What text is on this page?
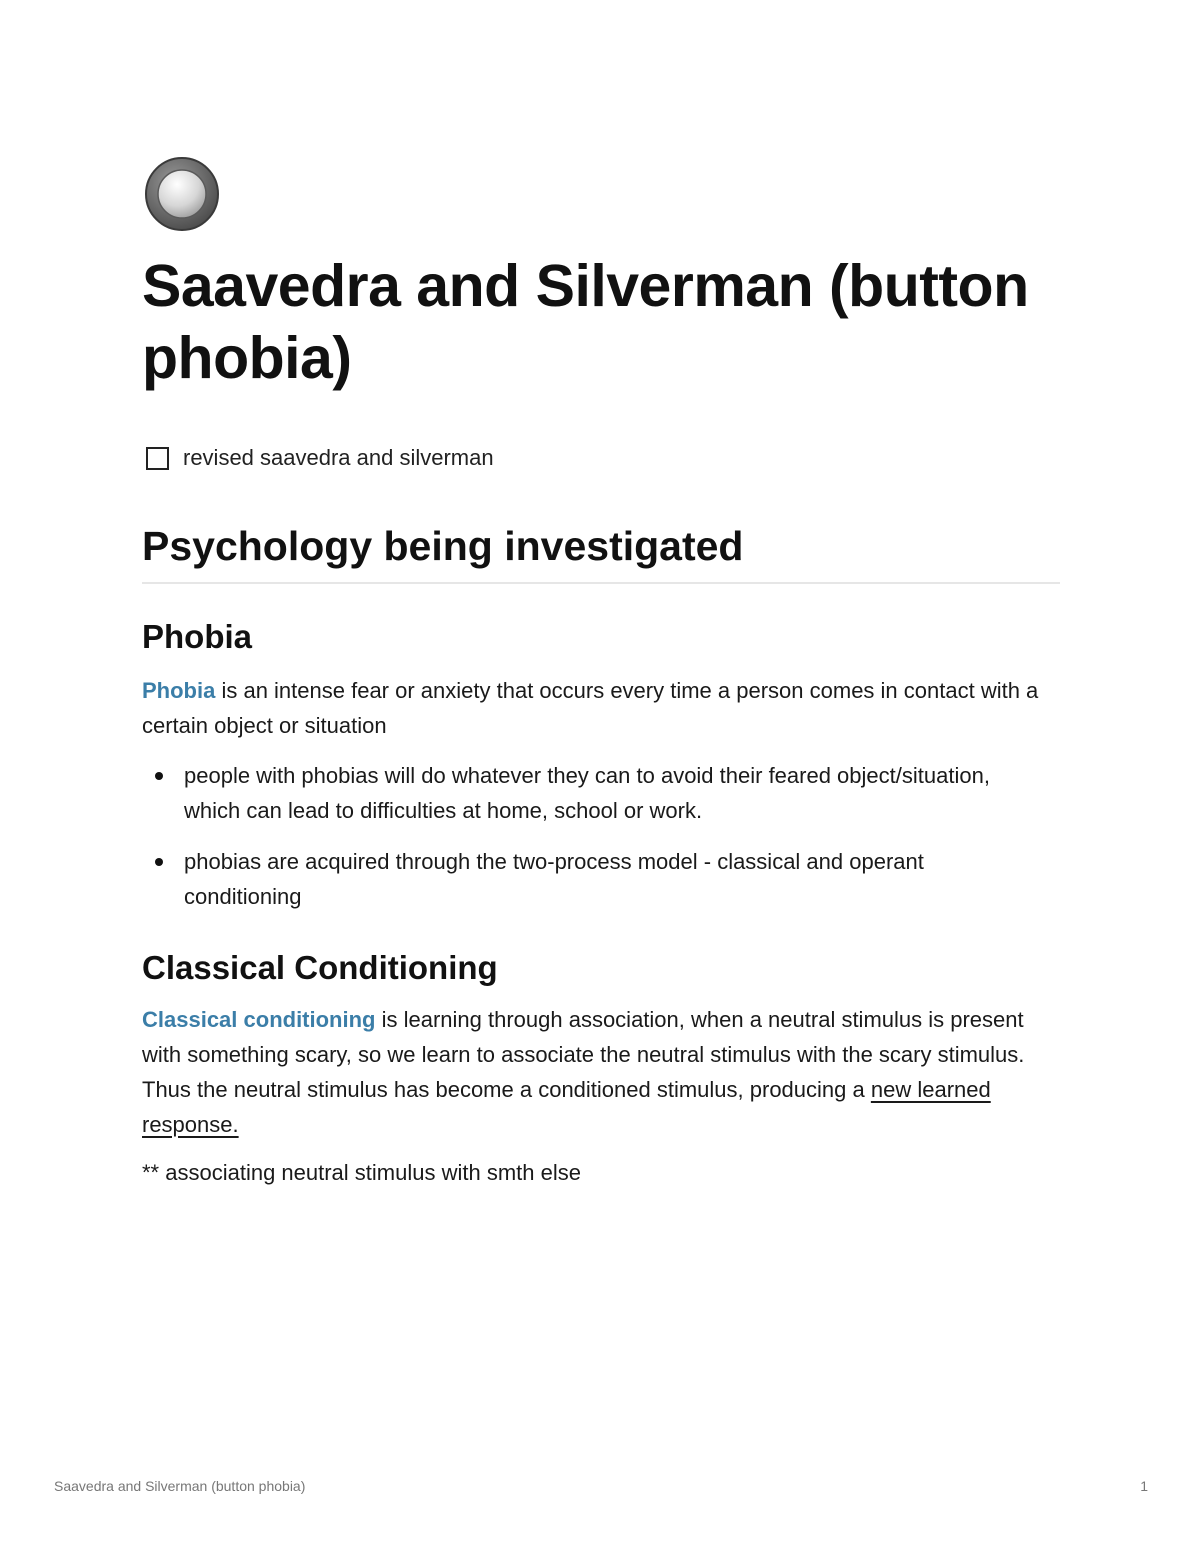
Saavedra and Silverman (button phobia)
revised saavedra and silverman
Psychology being investigated
Phobia

Phobia is an intense fear or anxiety that occurs every time a person comes in contact with a certain object or situation

people with phobias will do whatever they can to avoid their feared object/situation, which can lead to difficulties at home, school or work.
phobias are acquired through the two-process model - classical and operant conditioning
Classical Conditioning

Classical conditioning is learning through association, when a neutral stimulus is present with something scary, so we learn to associate the neutral stimulus with the scary stimulus. Thus the neutral stimulus has become a conditioned stimulus, producing a new learned response.

** associating neutral stimulus with smth else

Saavedra and Silverman (button phobia)	1
